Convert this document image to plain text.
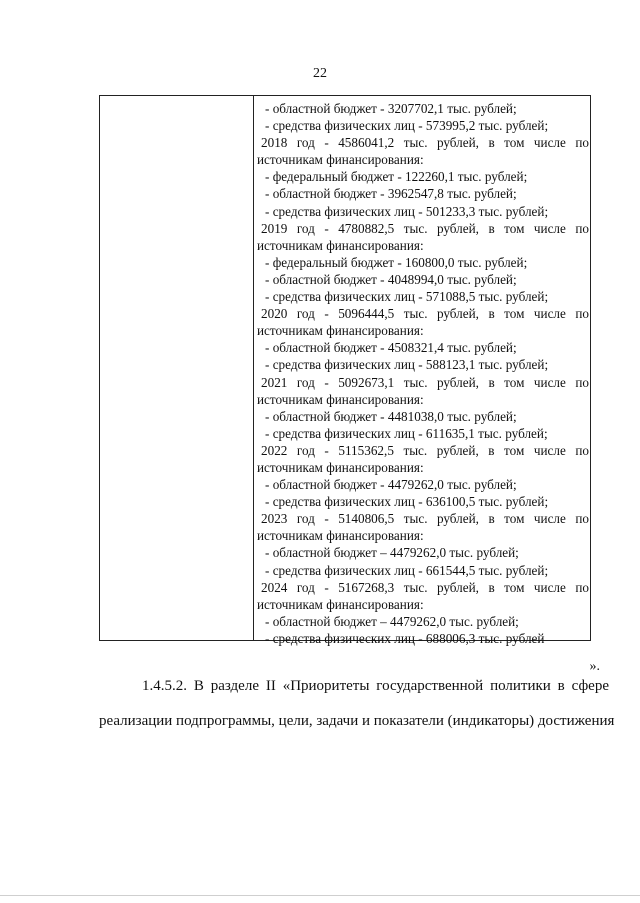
22
- областной бюджет - 3207702,1 тыс. рублей;
- средства физических лиц - 573995,2 тыс. рублей;
2018 год - 4586041,2 тыс. рублей, в том числе по
источникам финансирования:
- федеральный бюджет - 122260,1 тыс. рублей;
- областной бюджет - 3962547,8 тыс. рублей;
- средства физических лиц - 501233,3 тыс. рублей;
2019 год - 4780882,5 тыс. рублей, в том числе по
источникам финансирования:
- федеральный бюджет - 160800,0 тыс. рублей;
- областной бюджет - 4048994,0 тыс. рублей;
- средства физических лиц - 571088,5 тыс. рублей;
2020 год - 5096444,5 тыс. рублей, в том числе по
источникам финансирования:
- областной бюджет - 4508321,4 тыс. рублей;
- средства физических лиц - 588123,1 тыс. рублей;
2021 год - 5092673,1 тыс. рублей, в том числе по
источникам финансирования:
- областной бюджет - 4481038,0 тыс. рублей;
- средства физических лиц - 611635,1 тыс. рублей;
2022 год - 5115362,5 тыс. рублей, в том числе по
источникам финансирования:
- областной бюджет - 4479262,0 тыс. рублей;
- средства физических лиц - 636100,5 тыс. рублей;
2023 год - 5140806,5 тыс. рублей, в том числе по
источникам финансирования:
- областной бюджет – 4479262,0 тыс. рублей;
- средства физических лиц - 661544,5 тыс. рублей;
2024 год - 5167268,3 тыс. рублей, в том числе по
источникам финансирования:
- областной бюджет – 4479262,0 тыс. рублей;
- средства физических лиц - 688006,3 тыс. рублей
».
1.4.5.2. В разделе II «Приоритеты государственной политики в сфере
реализации подпрограммы, цели, задачи и показатели (индикаторы) достижения
